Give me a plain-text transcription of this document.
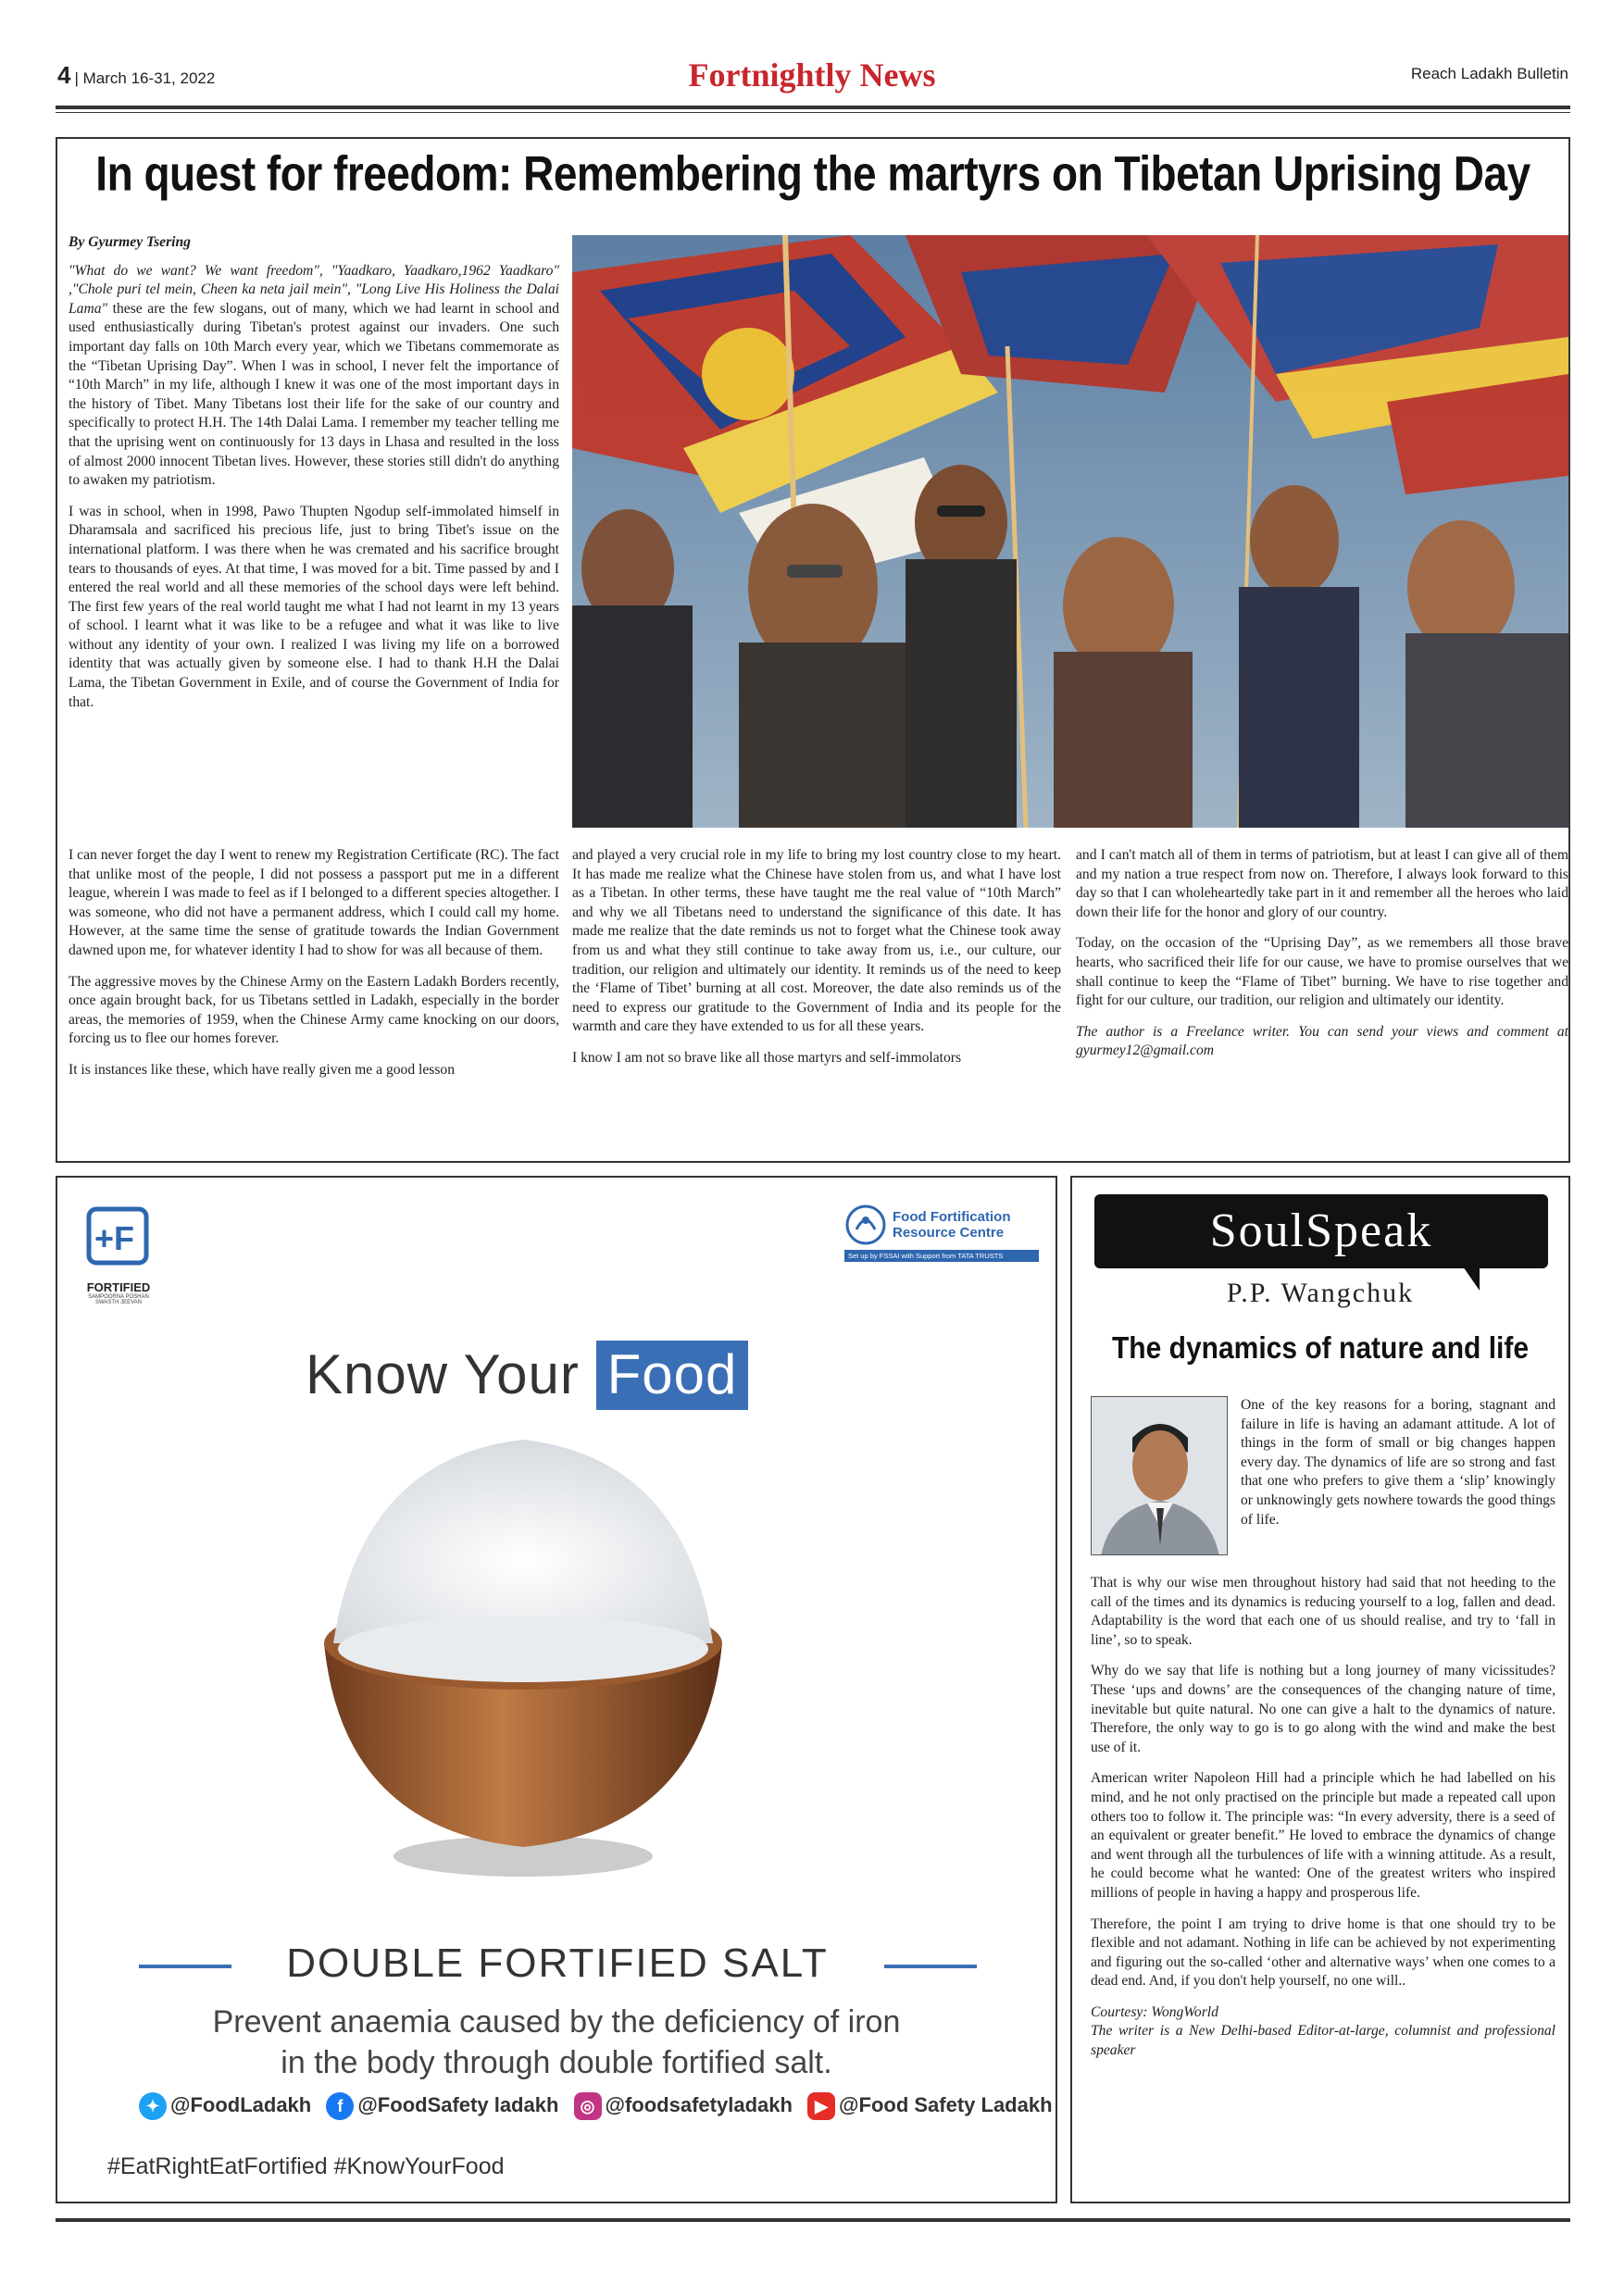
4 | March 16-31, 2022	Fortnightly News	Reach Ladakh Bulletin
In quest for freedom: Remembering the martyrs on Tibetan Uprising Day
By Gyurmey Tsering

"What do we want? We want freedom", "Yaadkaro, Yaadkaro,1962 Yaadkaro" ,"Chole puri tel mein, Cheen ka neta jail mein", "Long Live His Holiness the Dalai Lama" these are the few slogans, out of many, which we had learnt in school and used enthusiastically during Tibetan's protest against our invaders. One such important day falls on 10th March every year, which we Tibetans commemorate as the “Tibetan Uprising Day”. When I was in school, I never felt the importance of “10th March” in my life, although I knew it was one of the most important days in the history of Tibet. Many Tibetans lost their life for the sake of our country and specifically to protect H.H. The 14th Dalai Lama. I remember my teacher telling me that the uprising went on continuously for 13 days in Lhasa and resulted in the loss of almost 2000 innocent Tibetan lives. However, these stories still didn't do anything to awaken my patriotism.

I was in school, when in 1998, Pawo Thupten Ngodup self-immolated himself in Dharamsala and sacrificed his precious life, just to bring Tibet's issue on the international platform. I was there when he was cremated and his sacrifice brought tears to thousands of eyes. At that time, I was moved for a bit. Time passed by and I entered the real world and all these memories of the school days were left behind. The first few years of the real world taught me what I had not learnt in my 13 years of school. I learnt what it was like to be a refugee and what it was like to live without any identity of your own. I realized I was living my life on a borrowed identity that was actually given by someone else. I had to thank H.H the Dalai Lama, the Tibetan Government in Exile, and of course the Government of India for that.

I can never forget the day I went to renew my Registration Certificate (RC). The fact that unlike most of the people, I did not possess a passport put me in a different league, wherein I was made to feel as if I belonged to a different species altogether. I was someone, who did not have a permanent address, which I could call my home. However, at the same time the sense of gratitude towards the Indian Government dawned upon me, for whatever identity I had to show for was all because of them.

The aggressive moves by the Chinese Army on the Eastern Ladakh Borders recently, once again brought back, for us Tibetans settled in Ladakh, especially in the border areas, the memories of 1959, when the Chinese Army came knocking on our doors, forcing us to flee our homes forever.

It is instances like these, which have really given me a good lesson

and played a very crucial role in my life to bring my lost country close to my heart. It has made me realize what the Chinese have stolen from us, and what I have lost as a Tibetan. In other terms, these have taught me the real value of “10th March” and why we all Tibetans need to understand the significance of this date. It has made me realize that the date reminds us not to forget what the Chinese took away from us and what they still continue to take away from us, i.e., our culture, our tradition, our religion and ultimately our identity. It reminds us of the need to keep the ‘Flame of Tibet’ burning at all cost. Moreover, the date also reminds us of the need to express our gratitude to the Government of India and its people for the warmth and care they have extended to us for all these years.

I know I am not so brave like all those martyrs and self-immolators

and I can't match all of them in terms of patriotism, but at least I can give all of them and my nation a true respect from now on. Therefore, I always look forward to this day so that I can wholeheartedly take part in it and remember all the heroes who laid down their life for the honor and glory of our country.

Today, on the occasion of the “Uprising Day”, as we remembers all those brave hearts, who sacrificed their life for our cause, we have to promise ourselves that we shall continue to keep the “Flame of Tibet” burning. We have to rise together and fight for our culture, our tradition, our religion and ultimately our identity.

The author is a Freelance writer. You can send your views and comment at gyurmey12@gmail.com

+F
FORTIFIED
SAMPOORNA POSHAN SWASTH JEEVAN
Food Fortification
Resource Centre
Set up by FSSAI with Support from TATA TRUSTS
Know Your Food
DOUBLE FORTIFIED SALT
Prevent anaemia caused by the deficiency of iron
in the body through double fortified salt.
✦ @FoodLadakh f @FoodSafety ladakh ◎ @foodsafetyladakh ▶ @Food Safety Ladakh
#EatRightEatFortified #KnowYourFood
SoulSpeak
P.P. Wangchuk
The dynamics of nature and life

One of the key reasons for a boring, stagnant and failure in life is having an adamant attitude. A lot of things in the form of small or big changes happen every day. The dynamics of life are so strong and fast that one who prefers to give them a ‘slip’ knowingly or unknowingly gets nowhere towards the good things of life.

That is why our wise men throughout history had said that not heeding to the call of the times and its dynamics is reducing yourself to a log, fallen and dead. Adaptability is the word that each one of us should realise, and try to ‘fall in line’, so to speak.

Why do we say that life is nothing but a long journey of many vicissitudes? These ‘ups and downs’ are the consequences of the changing nature of time, inevitable but quite natural. No one can give a halt to the dynamics of nature. Therefore, the only way to go is to go along with the wind and make the best use of it.

American writer Napoleon Hill had a principle which he had labelled on his mind, and he not only practised on the principle but made a repeated call upon others too to follow it. The principle was: “In every adversity, there is a seed of an equivalent or greater benefit.” He loved to embrace the dynamics of change and went through all the turbulences of life with a winning attitude. As a result, he could become what he wanted: One of the greatest writers who inspired millions of people in having a happy and prosperous life.

Therefore, the point I am trying to drive home is that one should try to be flexible and not adamant. Nothing in life can be achieved by not experimenting and figuring out the so-called ‘other and alternative ways’ when one comes to a dead end. And, if you don't help yourself, no one will..

Courtesy: WongWorld
The writer is a New Delhi-based Editor-at-large, columnist and professional speaker
